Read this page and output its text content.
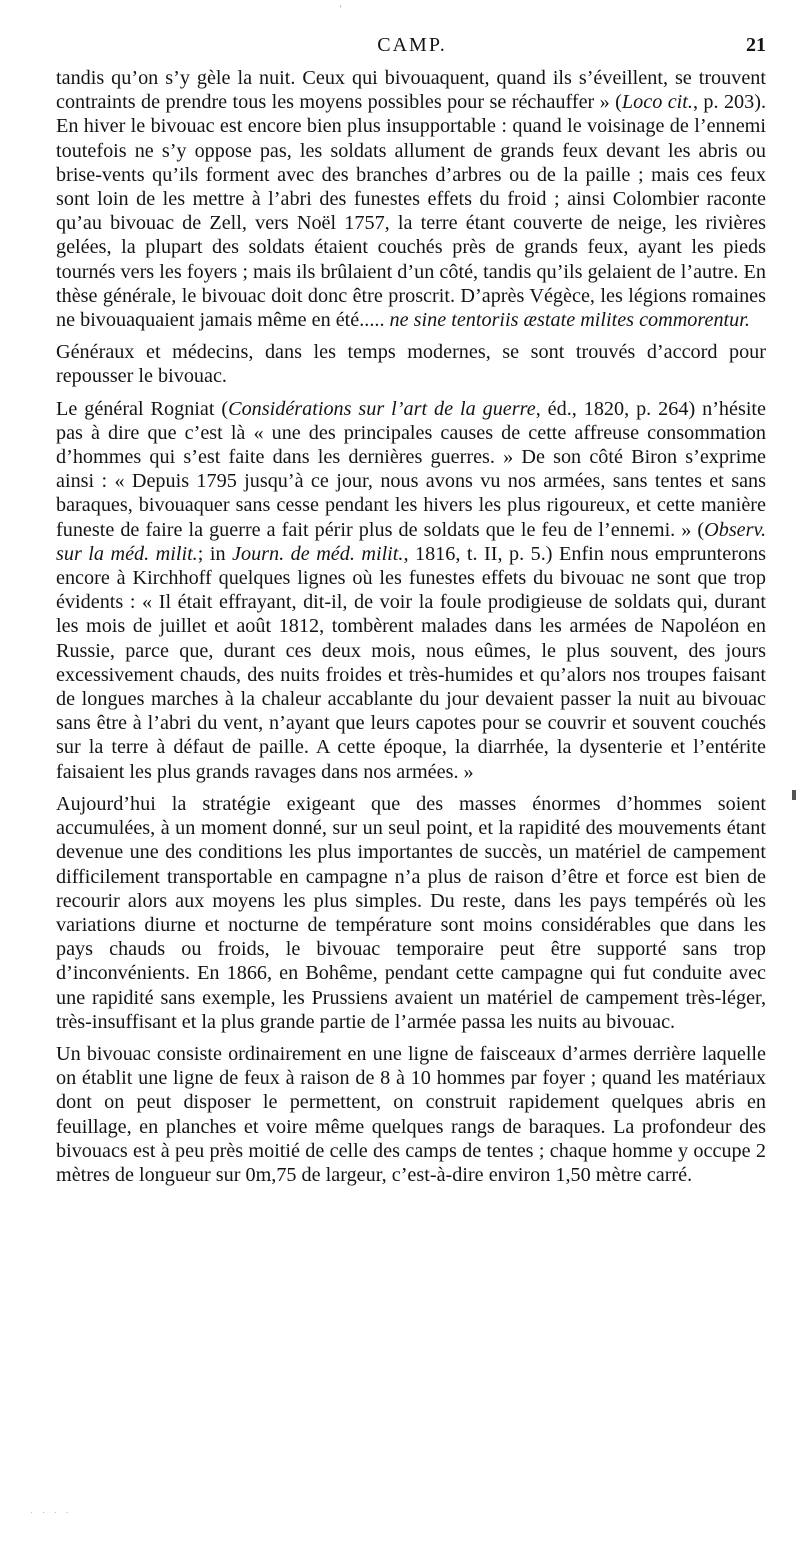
'
CAMP.	21

tandis qu’on s’y gèle la nuit. Ceux qui bivouaquent, quand ils s’éveillent, se trouvent contraints de prendre tous les moyens possibles pour se réchauffer » (Loco cit., p. 203). En hiver le bivouac est encore bien plus insupportable : quand le voisinage de l’ennemi toutefois ne s’y oppose pas, les soldats allument de grands feux devant les abris ou brise-vents qu’ils forment avec des branches d’arbres ou de la paille ; mais ces feux sont loin de les mettre à l’abri des funestes effets du froid ; ainsi Colombier raconte qu’au bivouac de Zell, vers Noël 1757, la terre étant couverte de neige, les rivières gelées, la plupart des soldats étaient couchés près de grands feux, ayant les pieds tournés vers les foyers ; mais ils brûlaient d’un côté, tandis qu’ils gelaient de l’autre. En thèse générale, le bivouac doit donc être proscrit. D’après Végèce, les légions romaines ne bivouaquaient jamais même en été..... ne sine tentoriis æstate milites commorentur.

Généraux et médecins, dans les temps modernes, se sont trouvés d’accord pour repousser le bivouac.

Le général Rogniat (Considérations sur l’art de la guerre, éd., 1820, p. 264) n’hésite pas à dire que c’est là « une des principales causes de cette affreuse consommation d’hommes qui s’est faite dans les dernières guerres. » De son côté Biron s’exprime ainsi : « Depuis 1795 jusqu’à ce jour, nous avons vu nos armées, sans tentes et sans baraques, bivouaquer sans cesse pendant les hivers les plus rigoureux, et cette manière funeste de faire la guerre a fait périr plus de soldats que le feu de l’ennemi. » (Observ. sur la méd. milit.; in Journ. de méd. milit., 1816, t. II, p. 5.) Enfin nous emprunterons encore à Kirchhoff quelques lignes où les funestes effets du bivouac ne sont que trop évidents : « Il était effrayant, dit-il, de voir la foule prodigieuse de soldats qui, durant les mois de juillet et août 1812, tombèrent malades dans les armées de Napoléon en Russie, parce que, durant ces deux mois, nous eûmes, le plus souvent, des jours excessivement chauds, des nuits froides et très-humides et qu’alors nos troupes faisant de longues marches à la chaleur accablante du jour devaient passer la nuit au bivouac sans être à l’abri du vent, n’ayant que leurs capotes pour se couvrir et souvent couchés sur la terre à défaut de paille. A cette époque, la diarrhée, la dysenterie et l’entérite faisaient les plus grands ravages dans nos armées. »

Aujourd’hui la stratégie exigeant que des masses énormes d’hommes soient accumulées, à un moment donné, sur un seul point, et la rapidité des mouvements étant devenue une des conditions les plus importantes de succès, un matériel de campement difficilement transportable en campagne n’a plus de raison d’être et force est bien de recourir alors aux moyens les plus simples. Du reste, dans les pays tempérés où les variations diurne et nocturne de température sont moins considérables que dans les pays chauds ou froids, le bivouac temporaire peut être supporté sans trop d’inconvénients. En 1866, en Bohême, pendant cette campagne qui fut conduite avec une rapidité sans exemple, les Prussiens avaient un matériel de campement très-léger, très-insuffisant et la plus grande partie de l’armée passa les nuits au bivouac.

Un bivouac consiste ordinairement en une ligne de faisceaux d’armes derrière laquelle on établit une ligne de feux à raison de 8 à 10 hommes par foyer ; quand les matériaux dont on peut disposer le permettent, on construit rapidement quelques abris en feuillage, en planches et voire même quelques rangs de baraques. La profondeur des bivouacs est à peu près moitié de celle des camps de tentes ; chaque homme y occupe 2 mètres de longueur sur 0m,75 de largeur, c’est-à-dire environ 1,50 mètre carré.

· · · ·
